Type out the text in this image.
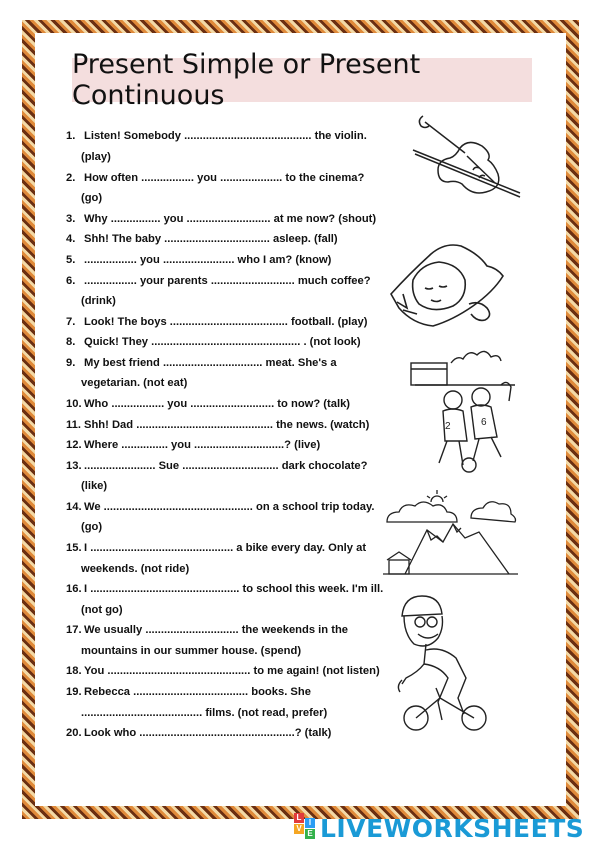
Present Simple or Present Continuous
1. Listen! Somebody ......................................... the violin.
(play)
2. How often ................. you .................... to the cinema?
(go)
3. Why ................ you ........................... at me now? (shout)
4. Shh! The baby .................................. asleep. (fall)
5. ................. you ....................... who I am? (know)
6. ................. your parents ........................... much coffee?
(drink)
7. Look! The boys ...................................... football. (play)
8. Quick! They ................................................ . (not look)
9. My best friend ................................ meat. She's a
vegetarian. (not eat)
10. Who ................. you ........................... to now? (talk)
11. Shh! Dad ............................................ the news. (watch)
12. Where ............... you .............................? (live)
13. ....................... Sue ............................... dark chocolate?
(like)
14. We ................................................ on a school trip today.
(go)
15. I .............................................. a bike every day. Only at
weekends. (not ride)
16. I ................................................ to school this week. I'm ill.
(not go)
17. We usually .............................. the weekends in the
mountains in our summer house. (spend)
18. You .............................................. to me again! (not listen)
19. Rebecca ..................................... books. She
....................................... films. (not read, prefer)
20. Look who ..................................................? (talk)
2	6
L
I
V
E LIVEWORKSHEETS
